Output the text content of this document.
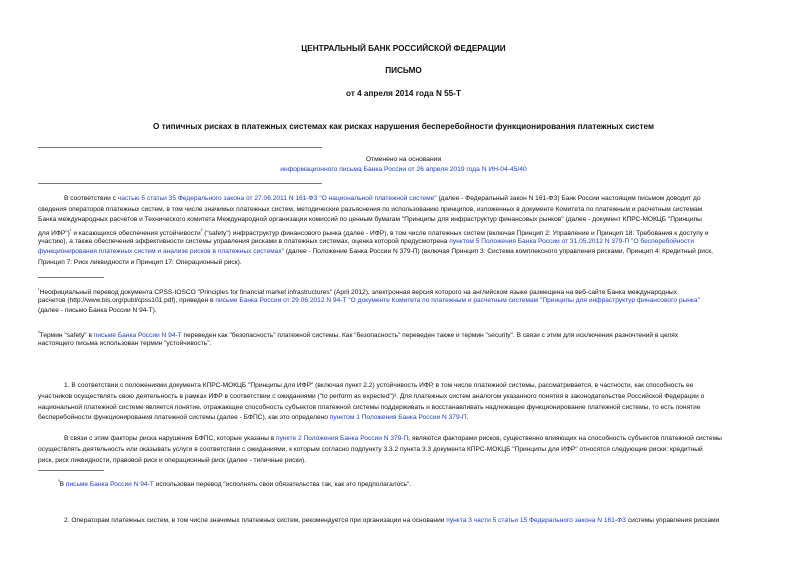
ЦЕНТРАЛЬНЫЙ БАНК РОССИЙСКОЙ ФЕДЕРАЦИИ
ПИСЬМО
от 4 апреля 2014 года N 55-Т
О типичных рисках в платежных системах как рисках нарушения бесперебойности функционирования платежных систем
Отменено на основании
информационного письма Банка России от 26 апреля 2019 года N ИН-04-45/40
В соответствии с частью 5 статьи 35 Федерального закона от 27.06.2011 N 161-ФЗ "О национальной платежной системе" (далее - Федеральный закон N 161-ФЗ) Банк России настоящим письмом доводит до
сведения операторов платежных систем, в том числе значимых платежных систем, методические разъяснения по использованию принципов, изложенных в документе Комитета по платежным и расчетным системам
Банка международных расчетов и Технического комитета Международной организации комиссий по ценным бумагам "Принципы для инфраструктур финансовых рынков" (далее - документ КПРС-МОКЦБ "Принципы
для ИФР")$^{^1}$ и касающихся обеспечения устойчивости$^{^2}$ ("safety") инфраструктур финансового рынка (далее - ИФР), в том числе платежных систем (включая Принцип 2: Управление и Принцип 18: Требования к доступу и
участию), а также обеспечения эффективности системы управления рисками в платежных системах, оценка которой предусмотрена пунктом 5 Положения Банка России от 31.05.2012 N 379-П "О бесперебойности
функционирования платежных систем и анализе рисков в платежных системах" (далее - Положение Банка России N 379-П) (включая Принцип 3: Система комплексного управления рисками, Принцип 4: Кредитный риск,
Принцип 7: Риск ликвидности и Принцип 17: Операционный риск).
$^{^1}$Неофициальный перевод документа CPSS-IOSCO "Principles for financial market infrastructures" (April 2012), электронная версия которого на английском языке размещена на веб-сайте Банка международных
расчетов (http://www.bis.org/publ/cpss101.pdf), приведен в письме Банка России от 29.06.2012 N 94-Т "О документе Комитета по платежным и расчетным системам "Принципы для инфраструктур финансового рынка"
(далее - письмо Банка России N 94-Т).
$^{^2}$Термин "safety" в письме Банка России N 94-Т переведен как "безопасность" платежной системы. Как "безопасность" переведен также и термин "security". В связи с этим для исключения разночтений в целях
настоящего письма использован термин "устойчивость".
1. В соответствии с положениями документа КПРС-МОКЦБ "Принципы для ИФР" (включая пункт 2.2) устойчивость ИФР, в том числе платежной системы, рассматривается, в частности, как способность ее
участников осуществлять свою деятельность в рамках ИФР в соответствии с ожиданиями ("to perform as expected")³. Для платежных систем аналогом указанного понятия в законодательстве Российской Федерации о
национальной платежной системе является понятие, отражающее способность субъектов платежной системы поддерживать и восстанавливать надлежащее функционирование платежной системы, то есть понятие
бесперебойности функционирования платежной системы (далее - БФПС), как это определено пунктом 1 Положения Банка России N 379-П.
В связи с этим факторы риска нарушения БФПС, которые указаны в пункте 2 Положения Банка России N 379-П, являются факторами рисков, существенно влияющих на способность субъектов платежной системы
осуществлять деятельность или оказывать услуги в соответствии с ожиданиями, к которым согласно подпункту 3.3.2 пункта 3.3 документа КПРС-МОКЦБ "Принципы для ИФР" относятся следующие риски: кредитный
риск, риск ликвидности, правовой риск и операционный риск (далее - типичные риски).
$^{^3}$В письме Банка России N 94-Т использован перевод "исполнять свои обязательства так, как это предполагалось".
2. Операторам платежных систем, в том числе значимых платежных систем, рекомендуется при организации на основании пункта 3 части 5 статьи 15 Федерального закона N 161-ФЗ системы управления рисками
